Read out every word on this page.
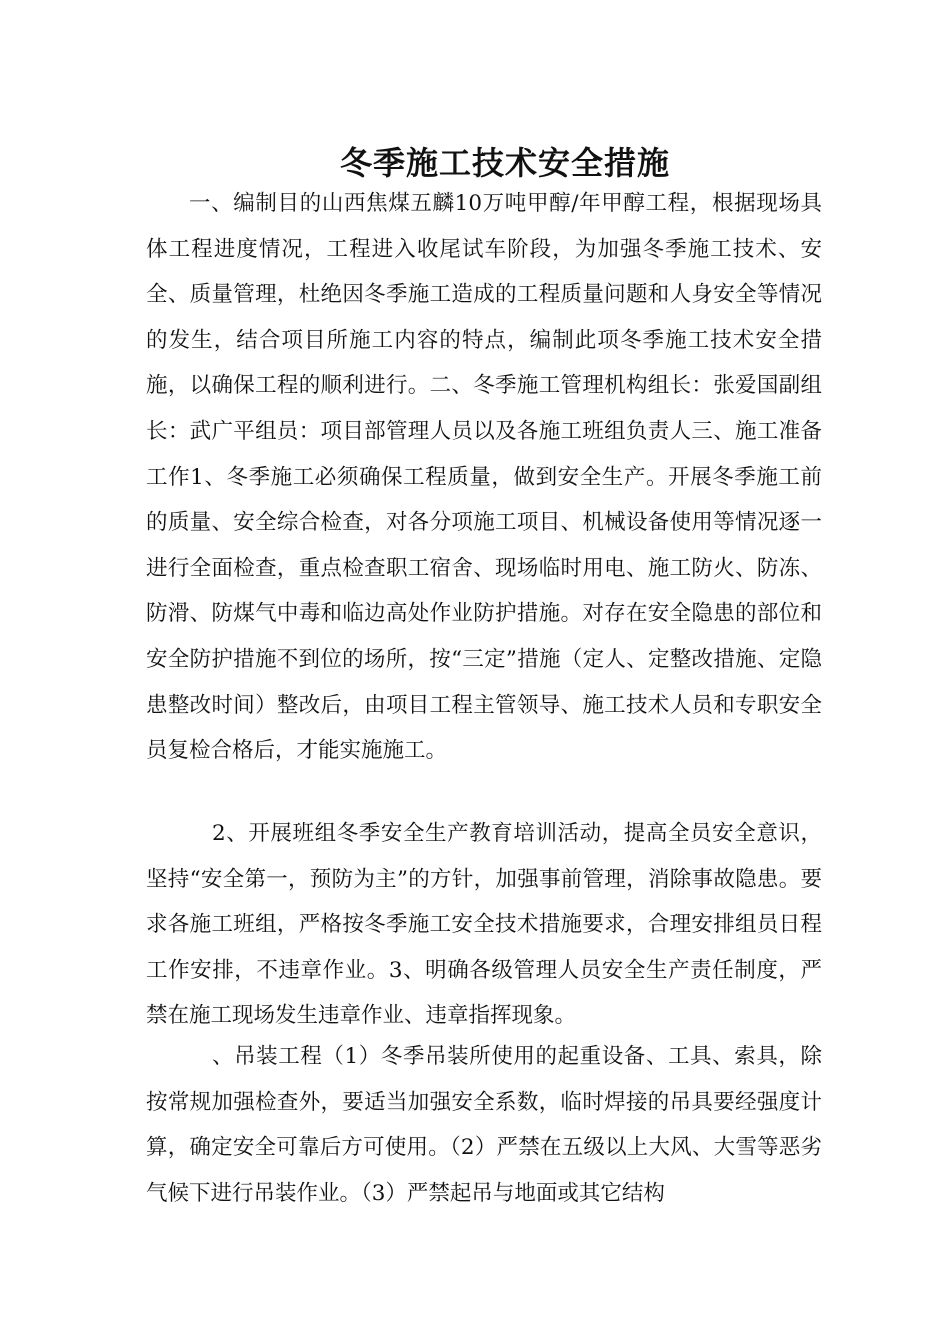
冬季施工技术安全措施

一、编制目的山西焦煤五麟10万吨甲醇/年甲醇工程，根据现场具体工程进度情况，工程进入收尾试车阶段，为加强冬季施工技术、安全、质量管理，杜绝因冬季施工造成的工程质量问题和人身安全等情况的发生，结合项目所施工内容的特点，编制此项冬季施工技术安全措施，以确保工程的顺利进行。二、冬季施工管理机构组长：张爱国副组长：武广平组员：项目部管理人员以及各施工班组负责人三、施工准备工作1、冬季施工必须确保工程质量，做到安全生产。开展冬季施工前的质量、安全综合检查，对各分项施工项目、机械设备使用等情况逐一进行全面检查，重点检查职工宿舍、现场临时用电、施工防火、防冻、防滑、防煤气中毒和临边高处作业防护措施。对存在安全隐患的部位和安全防护措施不到位的场所，按“三定”措施（定人、定整改措施、定隐患整改时间）整改后，由项目工程主管领导、施工技术人员和专职安全员复检合格后，才能实施施工。

2、开展班组冬季安全生产教育培训活动，提高全员安全意识，坚持“安全第一，预防为主”的方针，加强事前管理，消除事故隐患。要求各施工班组，严格按冬季施工安全技术措施要求，合理安排组员日程工作安排，不违章作业。3、明确各级管理人员安全生产责任制度，严禁在施工现场发生违章作业、违章指挥现象。

、吊装工程（1）冬季吊装所使用的起重设备、工具、索具，除按常规加强检查外，要适当加强安全系数，临时焊接的吊具要经强度计算，确定安全可靠后方可使用。（2）严禁在五级以上大风、大雪等恶劣气候下进行吊装作业。（3）严禁起吊与地面或其它结构
